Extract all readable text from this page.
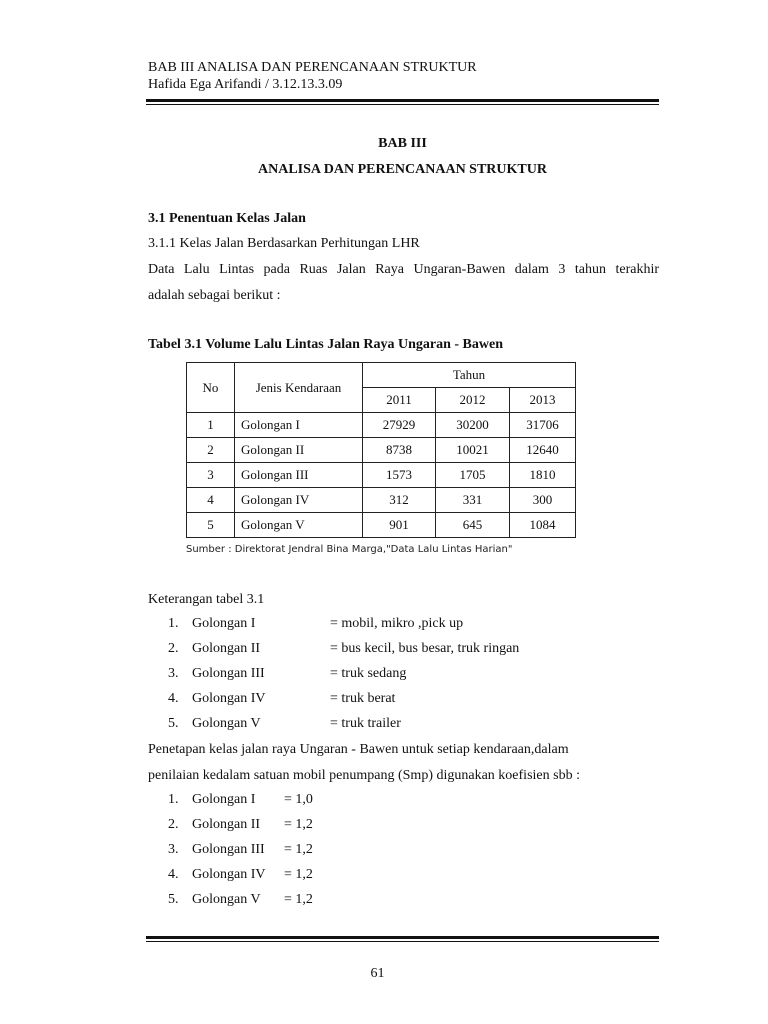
BAB III ANALISA DAN PERENCANAAN STRUKTUR
Hafida Ega Arifandi / 3.12.13.3.09
BAB III
ANALISA DAN PERENCANAAN STRUKTUR
3.1 Penentuan Kelas Jalan
3.1.1 Kelas Jalan Berdasarkan Perhitungan LHR
Data Lalu Lintas pada Ruas Jalan Raya Ungaran-Bawen dalam 3 tahun terakhir
adalah sebagai berikut :
Tabel 3.1 Volume Lalu Lintas Jalan Raya Ungaran - Bawen
No	Jenis Kendaraan	Tahun		
		2011	2012	2013
1	Golongan I	27929	30200	31706
2	Golongan II	8738	10021	12640
3	Golongan III	1573	1705	1810
4	Golongan IV	312	331	300
5	Golongan V	901	645	1084
Sumber : Direktorat Jendral Bina Marga,"Data Lalu Lintas Harian"
Keterangan tabel 3.1
1. Golongan I	= mobil, mikro ,pick up
2. Golongan II	= bus kecil, bus besar, truk ringan
3. Golongan III	= truk sedang
4. Golongan IV	= truk berat
5. Golongan V	= truk trailer
Penetapan kelas jalan raya Ungaran - Bawen untuk setiap kendaraan,dalam
penilaian kedalam satuan mobil penumpang (Smp) digunakan koefisien sbb :
1. Golongan I = 1,0
2. Golongan II = 1,2
3. Golongan III = 1,2
4. Golongan IV = 1,2
5. Golongan V = 1,2
61
